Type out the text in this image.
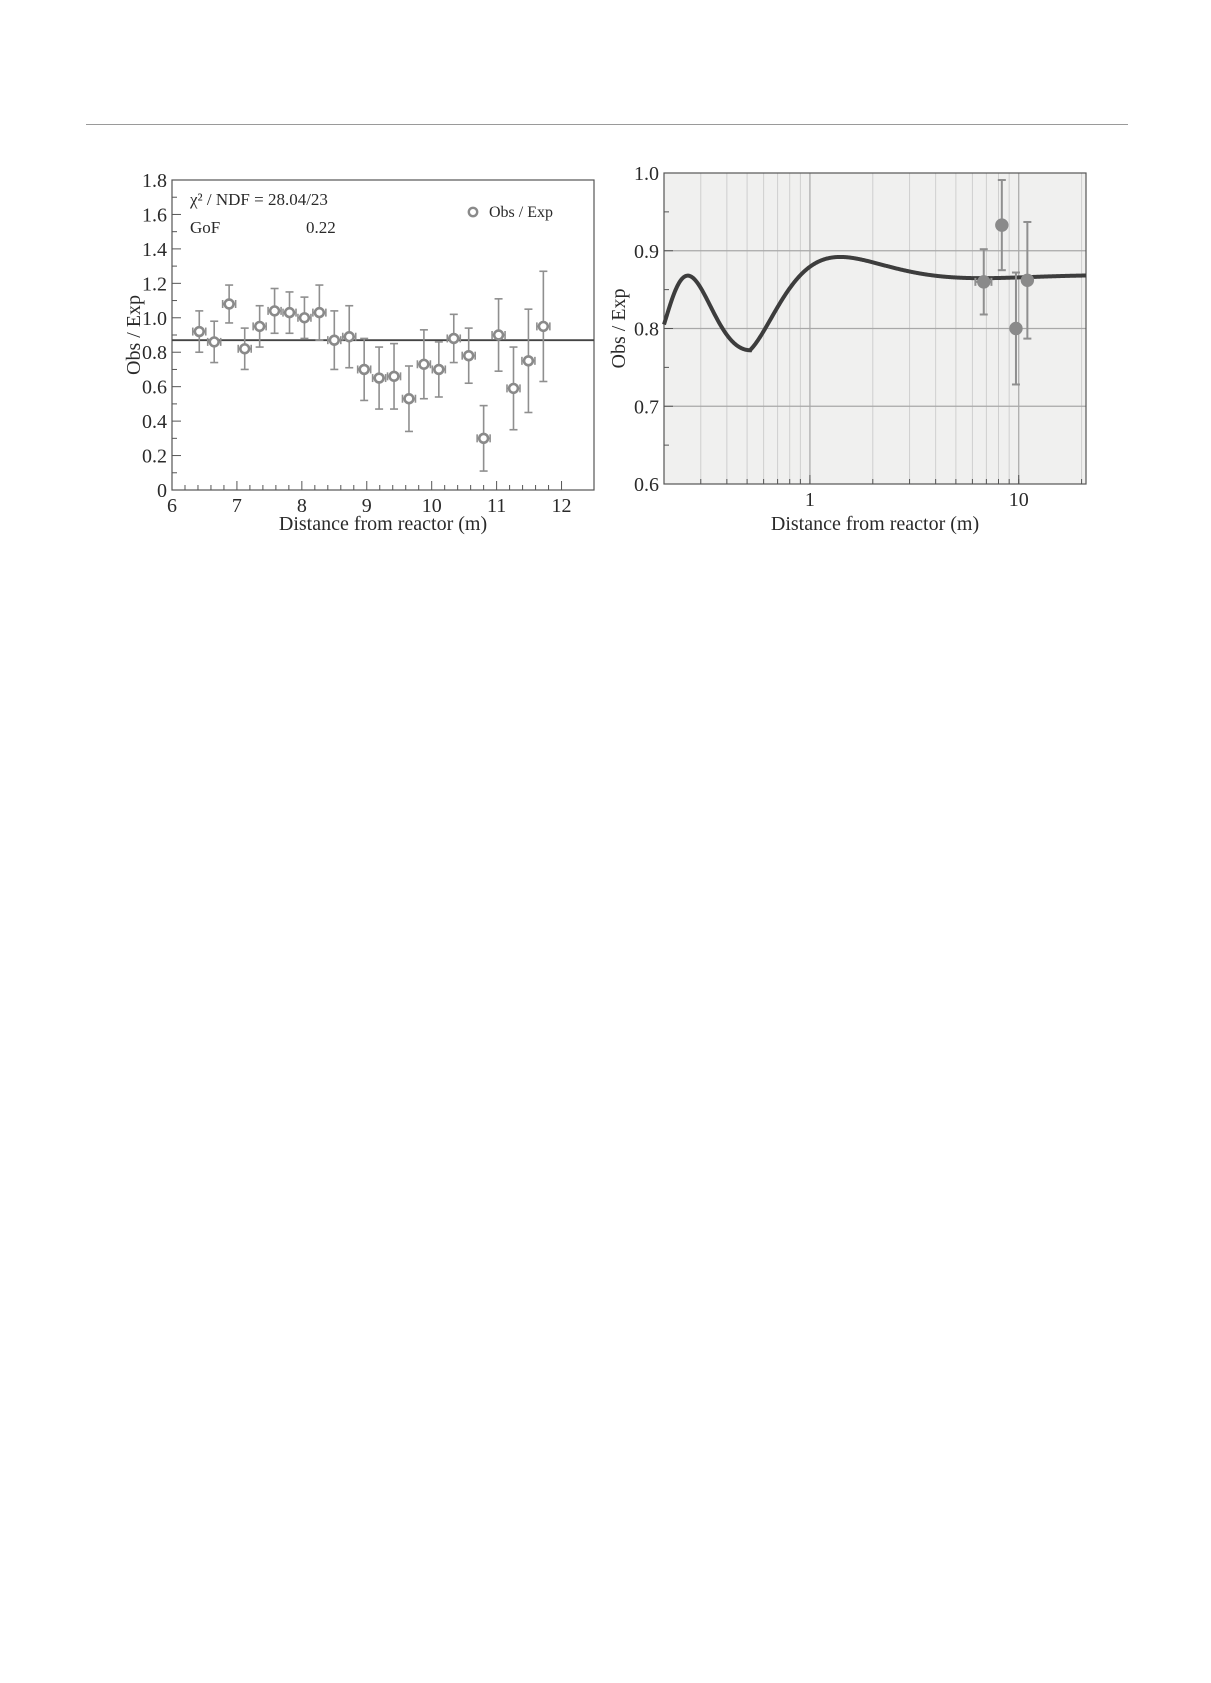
6	7	8	9 10 11 12
0
0.2
0.4
0.6
0.8
1.0
1.2
1.4
1.6
1.8
χ² / NDF = 28.04/23
GoF	0.22
Obs / Exp
Distance from reactor (m)
Obs / Exp
1	10
0.6
0.7
0.8
0.9
1.0
Distance from reactor (m)
Obs / Exp
